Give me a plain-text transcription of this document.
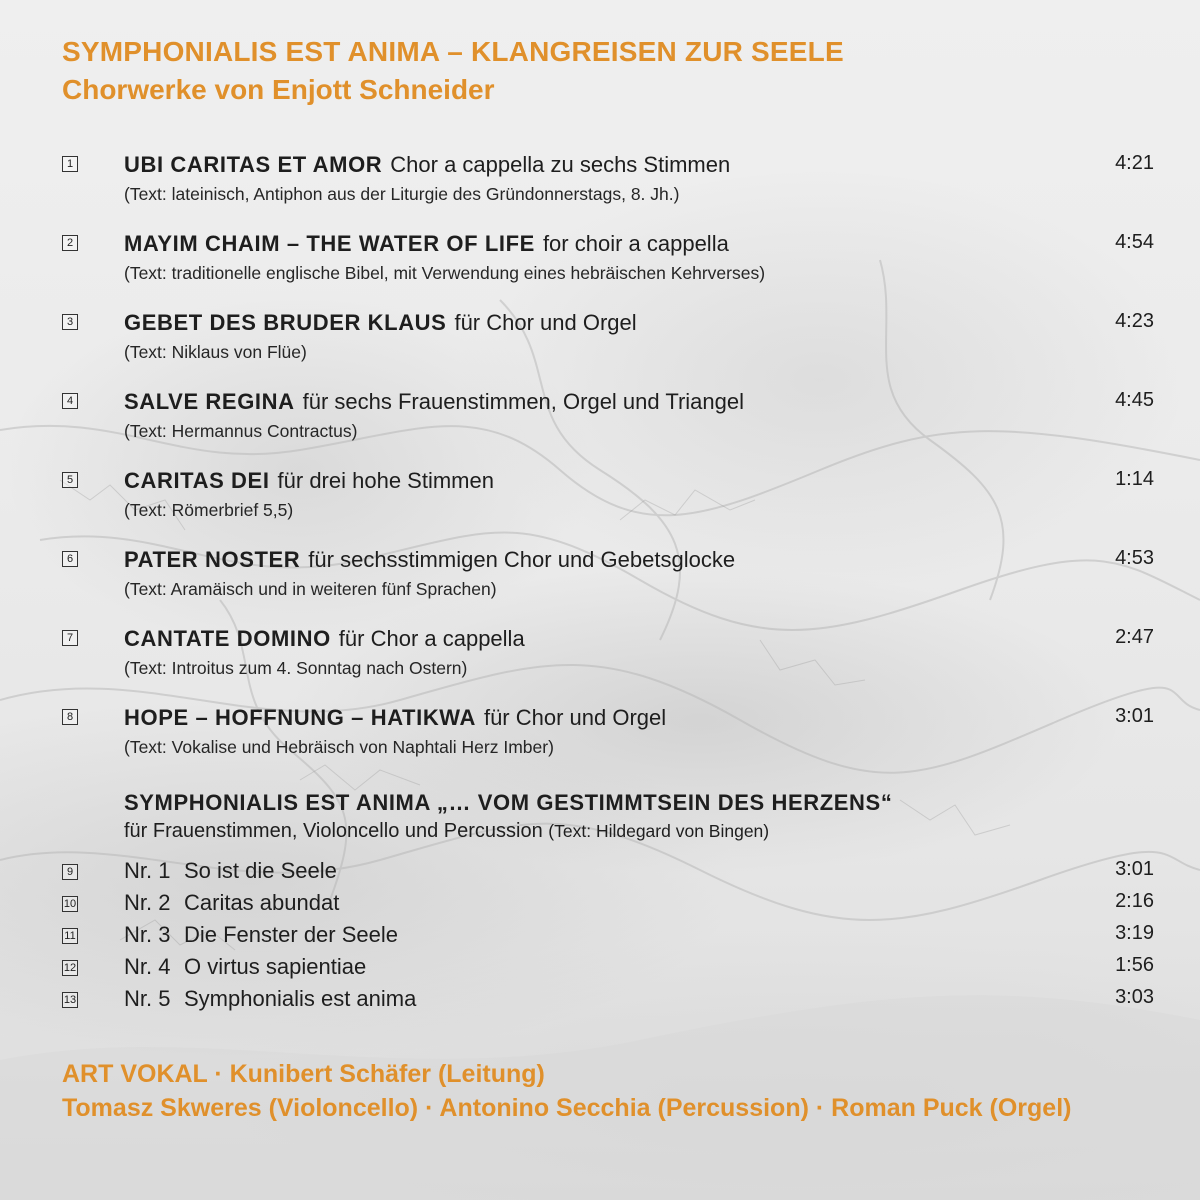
SYMPHONIALIS EST ANIMA – KLANGREISEN ZUR SEELE
Chorwerke von Enjott Schneider
1 UBI CARITAS ET AMOR Chor a cappella zu sechs Stimmen
(Text: lateinisch, Antiphon aus der Liturgie des Gründonnerstags, 8. Jh.)
4:21
2 MAYIM CHAIM – THE WATER OF LIFE for choir a cappella
(Text: traditionelle englische Bibel, mit Verwendung eines hebräischen Kehrverses)
4:54
3 GEBET DES BRUDER KLAUS für Chor und Orgel
(Text: Niklaus von Flüe)
4:23
4 SALVE REGINA für sechs Frauenstimmen, Orgel und Triangel
(Text: Hermannus Contractus)
4:45
5 CARITAS DEI für drei hohe Stimmen
(Text: Römerbrief 5,5)
1:14
6 PATER NOSTER für sechsstimmigen Chor und Gebetsglocke
(Text: Aramäisch und in weiteren fünf Sprachen)
4:53
7 CANTATE DOMINO für Chor a cappella
(Text: Introitus zum 4. Sonntag nach Ostern)
2:47
8 HOPE – HOFFNUNG – HATIKWA für Chor und Orgel
(Text: Vokalise und Hebräisch von Naphtali Herz Imber)
3:01
SYMPHONIALIS EST ANIMA „… VOM GESTIMMTSEIN DES HERZENS“
für Frauenstimmen, Violoncello und Percussion (Text: Hildegard von Bingen)
9 Nr. 1 So ist die Seele	3:01
10 Nr. 2 Caritas abundat	2:16
11 Nr. 3 Die Fenster der Seele	3:19
12 Nr. 4 O virtus sapientiae	1:56
13 Nr. 5 Symphonialis est anima	3:03
ART VOKAL · Kunibert Schäfer (Leitung)
Tomasz Skweres (Violoncello) · Antonino Secchia (Percussion) · Roman Puck (Orgel)
